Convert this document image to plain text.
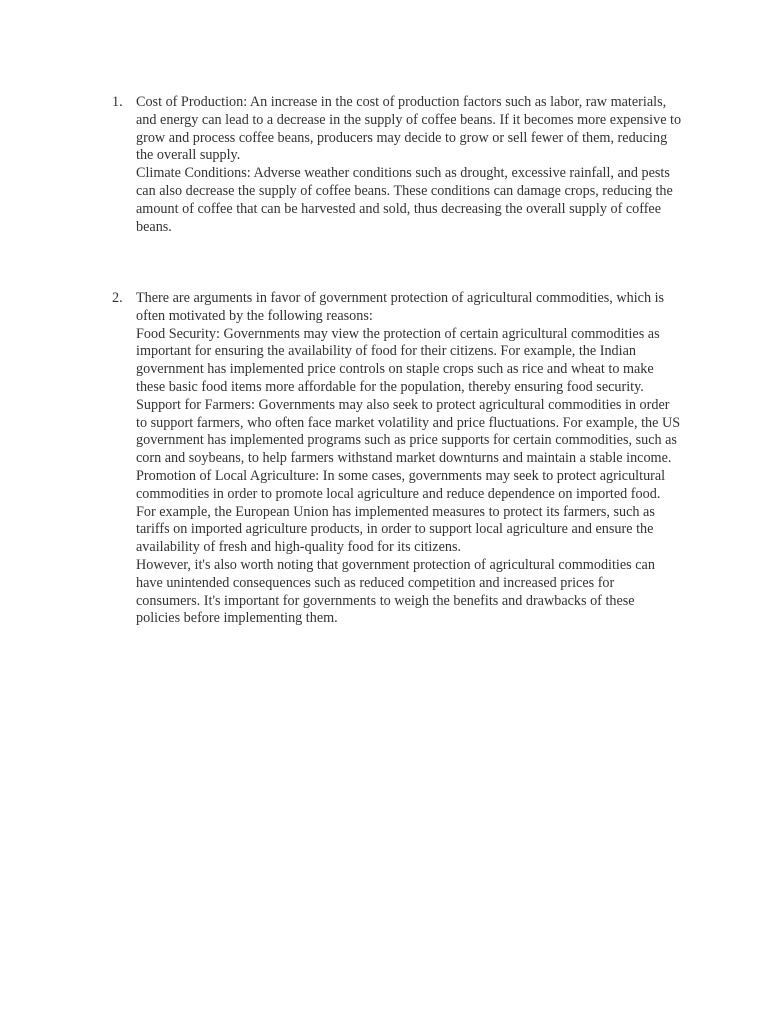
1. Cost of Production: An increase in the cost of production factors such as labor, raw materials, and energy can lead to a decrease in the supply of coffee beans. If it becomes more expensive to grow and process coffee beans, producers may decide to grow or sell fewer of them, reducing the overall supply.

Climate Conditions: Adverse weather conditions such as drought, excessive rainfall, and pests can also decrease the supply of coffee beans. These conditions can damage crops, reducing the amount of coffee that can be harvested and sold, thus decreasing the overall supply of coffee beans.

2. There are arguments in favor of government protection of agricultural commodities, which is often motivated by the following reasons:

Food Security: Governments may view the protection of certain agricultural commodities as important for ensuring the availability of food for their citizens. For example, the Indian government has implemented price controls on staple crops such as rice and wheat to make these basic food items more affordable for the population, thereby ensuring food security.

Support for Farmers: Governments may also seek to protect agricultural commodities in order to support farmers, who often face market volatility and price fluctuations. For example, the US government has implemented programs such as price supports for certain commodities, such as corn and soybeans, to help farmers withstand market downturns and maintain a stable income.

Promotion of Local Agriculture: In some cases, governments may seek to protect agricultural commodities in order to promote local agriculture and reduce dependence on imported food. For example, the European Union has implemented measures to protect its farmers, such as tariffs on imported agriculture products, in order to support local agriculture and ensure the availability of fresh and high-quality food for its citizens.

However, it's also worth noting that government protection of agricultural commodities can have unintended consequences such as reduced competition and increased prices for consumers. It's important for governments to weigh the benefits and drawbacks of these policies before implementing them.
